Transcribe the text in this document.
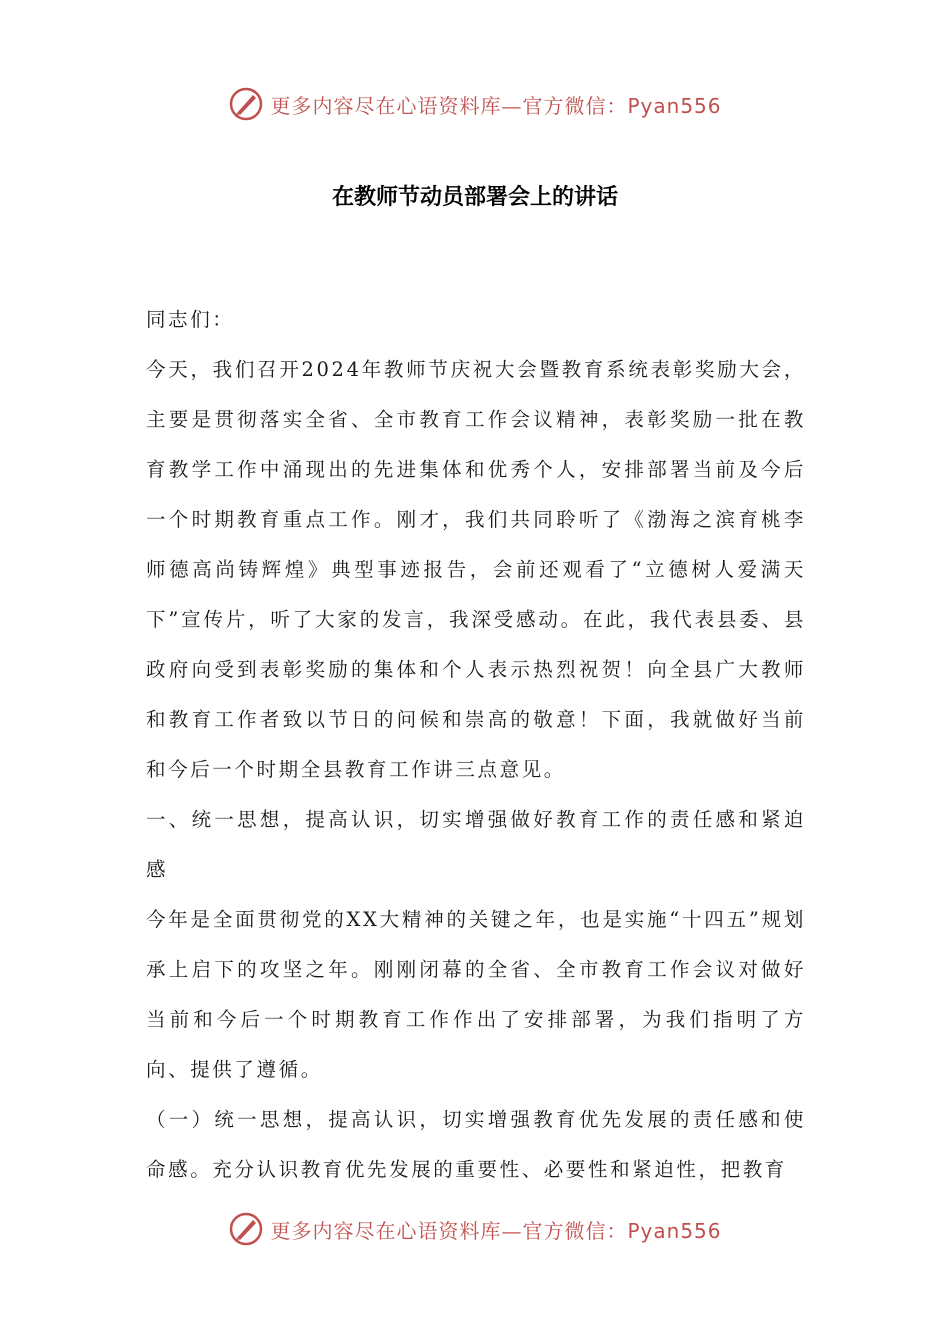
更多内容尽在心语资料库—官方微信：Pyan556
在教师节动员部署会上的讲话

同志们：

今天，我们召开2024年教师节庆祝大会暨教育系统表彰奖励大会，主要是贯彻落实全省、全市教育工作会议精神，表彰奖励一批在教育教学工作中涌现出的先进集体和优秀个人，安排部署当前及今后一个时期教育重点工作。刚才，我们共同聆听了《渤海之滨育桃李 师德高尚铸辉煌》典型事迹报告，会前还观看了“立德树人爱满天下”宣传片，听了大家的发言，我深受感动。在此，我代表县委、县政府向受到表彰奖励的集体和个人表示热烈祝贺！向全县广大教师和教育工作者致以节日的问候和崇高的敬意！下面，我就做好当前和今后一个时期全县教育工作讲三点意见。

一、统一思想，提高认识，切实增强做好教育工作的责任感和紧迫感

今年是全面贯彻党的XX大精神的关键之年，也是实施“十四五”规划承上启下的攻坚之年。刚刚闭幕的全省、全市教育工作会议对做好当前和今后一个时期教育工作作出了安排部署，为我们指明了方向、提供了遵循。

（一）统一思想，提高认识，切实增强教育优先发展的责任感和使命感。充分认识教育优先发展的重要性、必要性和紧迫性，把教育

更多内容尽在心语资料库—官方微信：Pyan556
